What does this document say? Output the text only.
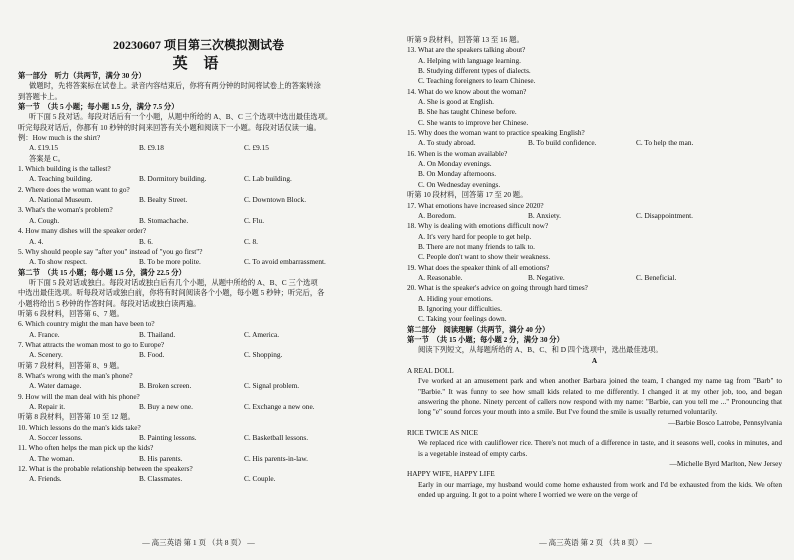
20230607 项目第三次模拟测试卷
英 语
第一部分　听力（共两节，满分 30 分）
做题时，先将答案标在试卷上。录音内容结束后，你将有两分钟的时间将试卷上的答案转涂
到答题卡上。
第一节　（共 5 小题；每小题 1.5 分，满分 7.5 分）
听下面 5 段对话。每段对话后有一个小题，从题中所给的 A、B、C 三个选项中选出最佳选项。
听完每段对话后，你都有 10 秒钟的时间来回答有关小题和阅读下一小题。每段对话仅读一遍。
例：How much is the shirt?
A. £19.15	B. £9.18	C. £9.15
答案是 C。
1. Which building is the tallest?
A. Teaching building.	B. Dormitory building.	C. Lab building.
2. Where does the woman want to go?
A. National Museum.	B. Bealty Street.	C. Downtown Block.
3. What's the woman's problem?
A. Cough.	B. Stomachache.	C. Flu.
4. How many dishes will the speaker order?
A. 4.	B. 6.	C. 8.
5. Why should people say "after you" instead of "you go first"?
A. To show respect.	B. To be more polite.	C. To avoid embarrassment.
第二节　（共 15 小题；每小题 1.5 分，满分 22.5 分）
听下面 5 段对话或独白。每段对话或独白后有几个小题，从题中所给的 A、B、C 三个选项
中选出最佳选项。听每段对话或独白前，你将有时间阅读各个小题，每小题 5 秒钟；听完后，各
小题将给出 5 秒钟的作答时间。每段对话或独白读两遍。
听第 6 段材料，回答第 6、7 题。
6. Which country might the man have been to?
A. France.	B. Thailand.	C. America.
7. What attracts the woman most to go to Europe?
A. Scenery.	B. Food.	C. Shopping.
听第 7 段材料，回答第 8、9 题。
8. What's wrong with the man's phone?
A. Water damage.	B. Broken screen.	C. Signal problem.
9. How will the man deal with his phone?
A. Repair it.	B. Buy a new one.	C. Exchange a new one.
听第 8 段材料，回答第 10 至 12 题。
10. Which lessons do the man's kids take?
A. Soccer lessons.	B. Painting lessons.	C. Basketball lessons.
11. Who often helps the man pick up the kids?
A. The woman.	B. His parents.	C. His parents-in-law.
12. What is the probable relationship between the speakers?
A. Friends.	B. Classmates.	C. Couple.
— 高三英语 第 1 页 （共 8 页） —
听第 9 段材料，回答第 13 至 16 题。
13. What are the speakers talking about?
A. Helping with language learning.
B. Studying different types of dialects.
C. Teaching foreigners to learn Chinese.
14. What do we know about the woman?
A. She is good at English.
B. She has taught Chinese before.
C. She wants to improve her Chinese.
15. Why does the woman want to practice speaking English?
A. To study abroad.	B. To build confidence.	C. To help the man.
16. When is the woman available?
A. On Monday evenings.
B. On Monday afternoons.
C. On Wednesday evenings.
听第 10 段材料，回答第 17 至 20 题。
17. What emotions have increased since 2020?
A. Boredom.	B. Anxiety.	C. Disappointment.
18. Why is dealing with emotions difficult now?
A. It's very hard for people to get help.
B. There are not many friends to talk to.
C. People don't want to show their weakness.
19. What does the speaker think of all emotions?
A. Reasonable.	B. Negative.	C. Beneficial.
20. What is the speaker's advice on going through hard times?
A. Hiding your emotions.
B. Ignoring your difficulties.
C. Taking your feelings down.
第二部分　阅读理解（共两节，满分 40 分）
第一节　（共 15 小题；每小题 2 分，满分 30 分）
阅读下列短文，从每题所给的 A、B、C、和 D 四个选项中，选出最佳选项。
A
A REAL DOLL
I've worked at an amusement park and when another Barbara joined the team, I changed my name tag from "Barb" to "Barbie." It was funny to see how small kids related to me differently. I changed it at my other job, too, and began answering the phone. Ninety percent of callers now respond with my name: "Barbie, can you tell me ..." Pronouncing that long "e" sound forces your mouth into a smile. But I've found the smile is usually returned voluntarily.
—Barbie Bosco Latrobe, Pennsylvania
RICE TWICE AS NICE
We replaced rice with cauliflower rice. There's not much of a difference in taste, and it seasons well, cooks in minutes, and is a vegetable instead of empty carbs.
—Michelle Byrd Marlton, New Jersey
HAPPY WIFE, HAPPY LIFE
Early in our marriage, my husband would come home exhausted from work and I'd be exhausted from the kids. We often ended up arguing. It got to a point where I worried we were on the verge of
— 高三英语 第 2 页 （共 8 页） —
